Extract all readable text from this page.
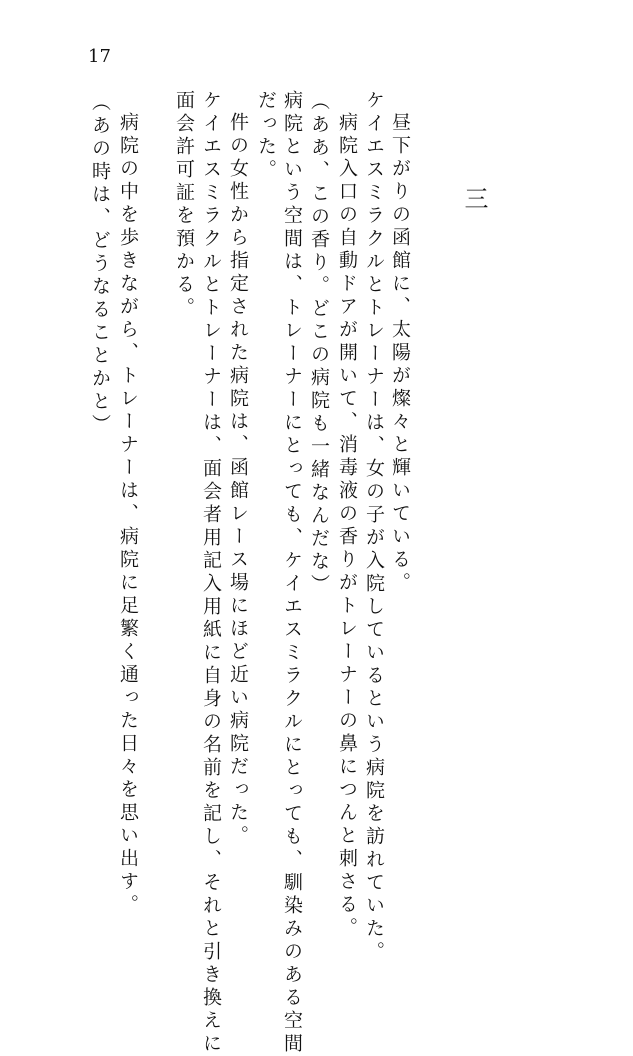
17
三
昼下がりの函館に、太陽が燦々と輝いている。
ケイエスミラクルとトレーナーは、女の子が入院しているという病院を訪れていた。
病院入口の自動ドアが開いて、消毒液の香りがトレーナーの鼻につんと刺さる。
（ああ、この香り。どこの病院も一緒なんだな）
病院という空間は、トレーナーにとっても、ケイエスミラクルにとっても、馴染みのある空間
だった。
件の女性から指定された病院は、函館レース場にほど近い病院だった。
ケイエスミラクルとトレーナーは、面会者用記入用紙に自身の名前を記し、それと引き換えに
面会許可証を預かる。
病院の中を歩きながら、トレーナーは、病院に足繁く通った日々を思い出す。
（あの時は、どうなることかと）
